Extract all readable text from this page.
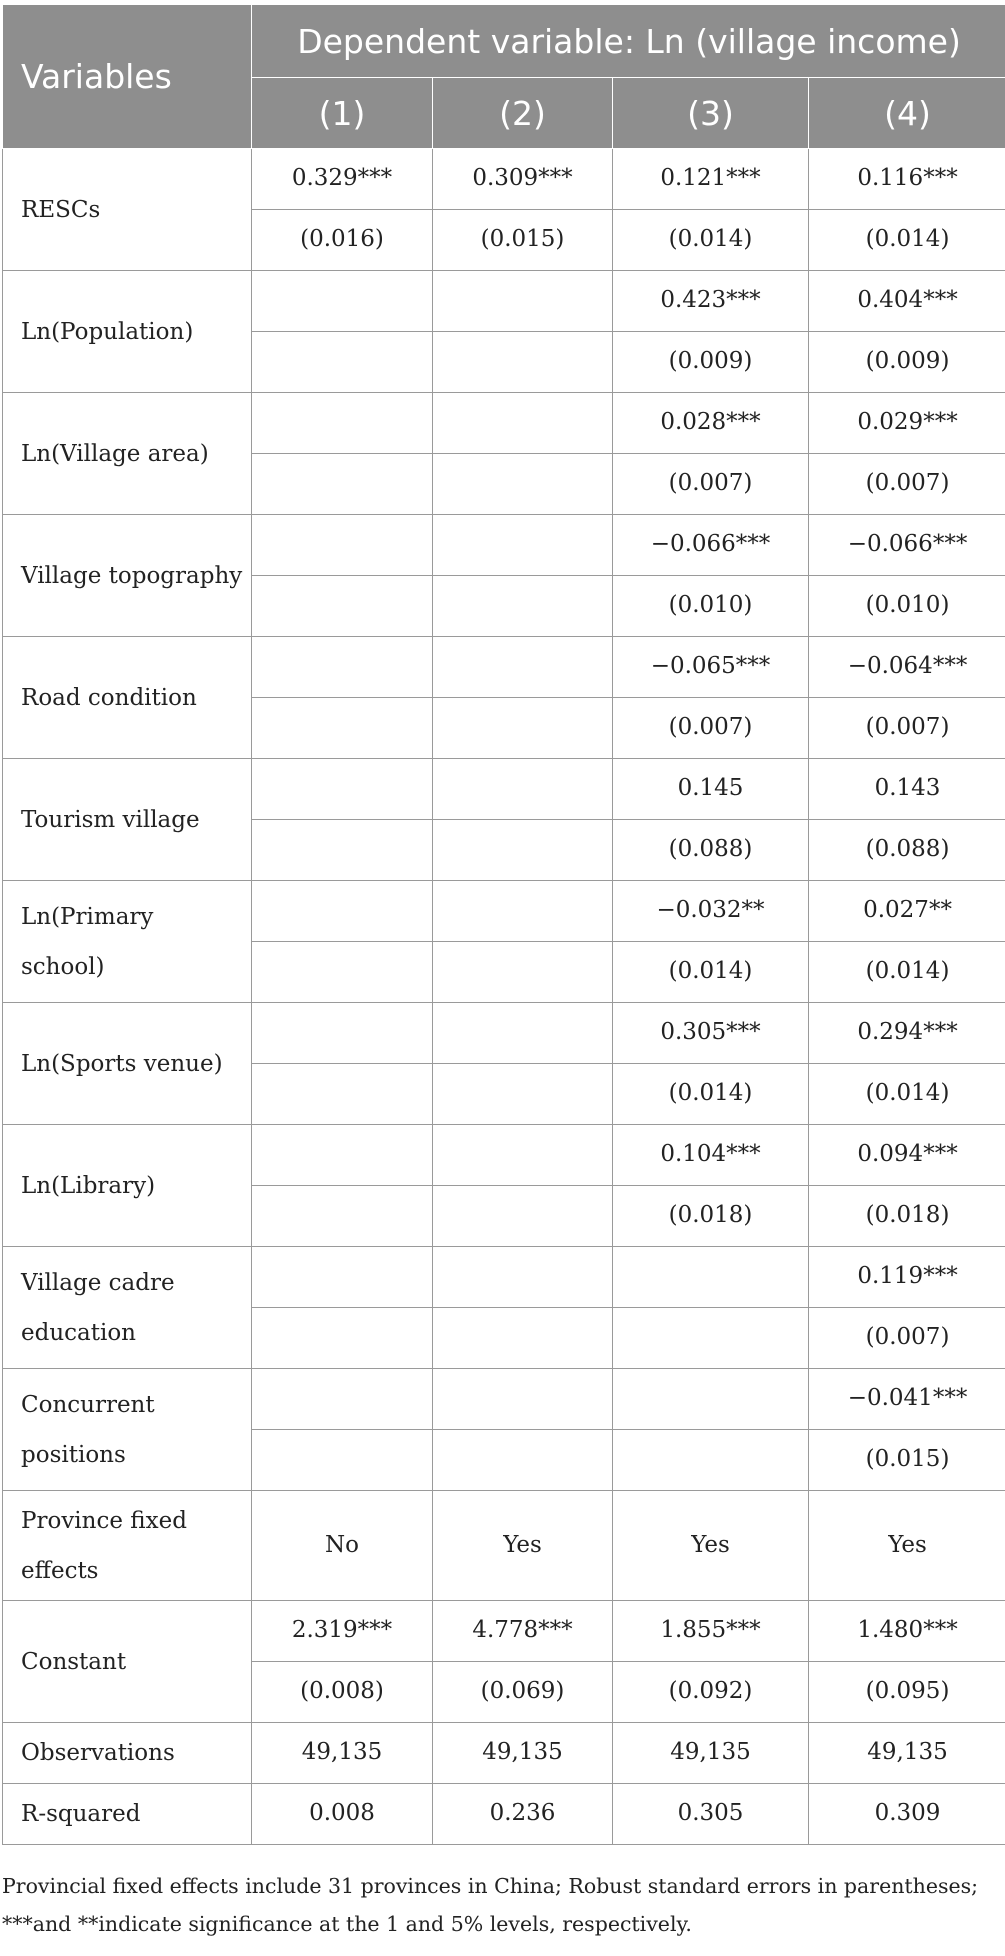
Variables	Dependent variable: Ln (village income)			
	(1)	(2)	(3)	(4)
RESCs	0.329***	0.309***	0.121***	0.116***
	(0.016)	(0.015)	(0.014)	(0.014)
Ln(Population)			0.423***	0.404***
			(0.009)	(0.009)
Ln(Village area)			0.028***	0.029***
			(0.007)	(0.007)
Village topography			−0.066***	−0.066***
			(0.010)	(0.010)
Road condition			−0.065***	−0.064***
			(0.007)	(0.007)
Tourism village			0.145	0.143
			(0.088)	(0.088)
Ln(Primary school)			−0.032**	0.027**
			(0.014)	(0.014)
Ln(Sports venue)			0.305***	0.294***
			(0.014)	(0.014)
Ln(Library)			0.104***	0.094***
			(0.018)	(0.018)
Village cadre education				0.119***
				(0.007)
Concurrent positions				−0.041***
				(0.015)
Province fixed effects	No	Yes	Yes	Yes
Constant	2.319***	4.778***	1.855***	1.480***
	(0.008)	(0.069)	(0.092)	(0.095)
Observations	49,135	49,135	49,135	49,135
R-squared	0.008	0.236	0.305	0.309

Provincial fixed effects include 31 provinces in China; Robust standard errors in parentheses; ***and **indicate significance at the 1 and 5% levels, respectively.
